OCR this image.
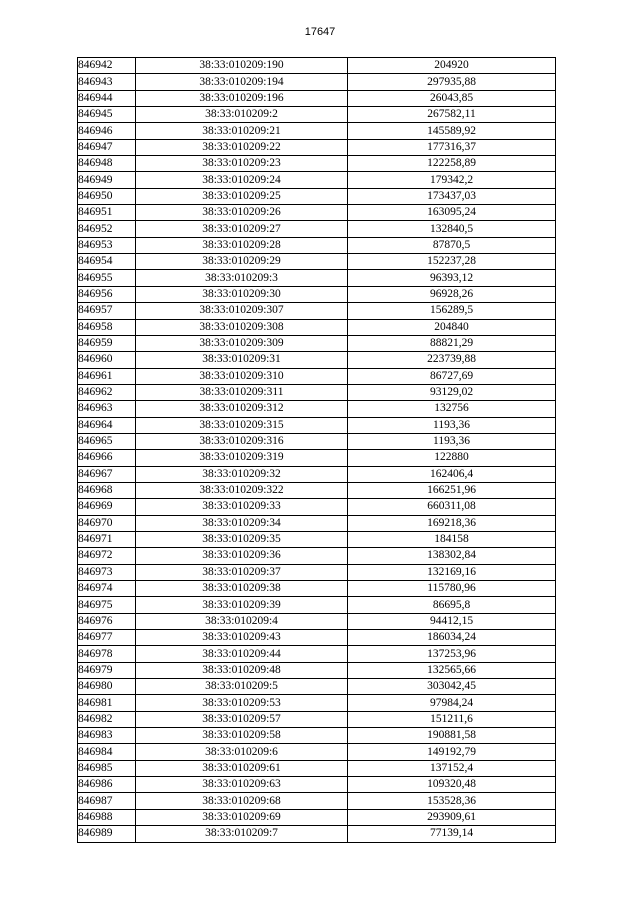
17647
846942	38:33:010209:190	204920
846943	38:33:010209:194	297935,88
846944	38:33:010209:196	26043,85
846945	38:33:010209:2	267582,11
846946	38:33:010209:21	145589,92
846947	38:33:010209:22	177316,37
846948	38:33:010209:23	122258,89
846949	38:33:010209:24	179342,2
846950	38:33:010209:25	173437,03
846951	38:33:010209:26	163095,24
846952	38:33:010209:27	132840,5
846953	38:33:010209:28	87870,5
846954	38:33:010209:29	152237,28
846955	38:33:010209:3	96393,12
846956	38:33:010209:30	96928,26
846957	38:33:010209:307	156289,5
846958	38:33:010209:308	204840
846959	38:33:010209:309	88821,29
846960	38:33:010209:31	223739,88
846961	38:33:010209:310	86727,69
846962	38:33:010209:311	93129,02
846963	38:33:010209:312	132756
846964	38:33:010209:315	1193,36
846965	38:33:010209:316	1193,36
846966	38:33:010209:319	122880
846967	38:33:010209:32	162406,4
846968	38:33:010209:322	166251,96
846969	38:33:010209:33	660311,08
846970	38:33:010209:34	169218,36
846971	38:33:010209:35	184158
846972	38:33:010209:36	138302,84
846973	38:33:010209:37	132169,16
846974	38:33:010209:38	115780,96
846975	38:33:010209:39	86695,8
846976	38:33:010209:4	94412,15
846977	38:33:010209:43	186034,24
846978	38:33:010209:44	137253,96
846979	38:33:010209:48	132565,66
846980	38:33:010209:5	303042,45
846981	38:33:010209:53	97984,24
846982	38:33:010209:57	151211,6
846983	38:33:010209:58	190881,58
846984	38:33:010209:6	149192,79
846985	38:33:010209:61	137152,4
846986	38:33:010209:63	109320,48
846987	38:33:010209:68	153528,36
846988	38:33:010209:69	293909,61
846989	38:33:010209:7	77139,14
